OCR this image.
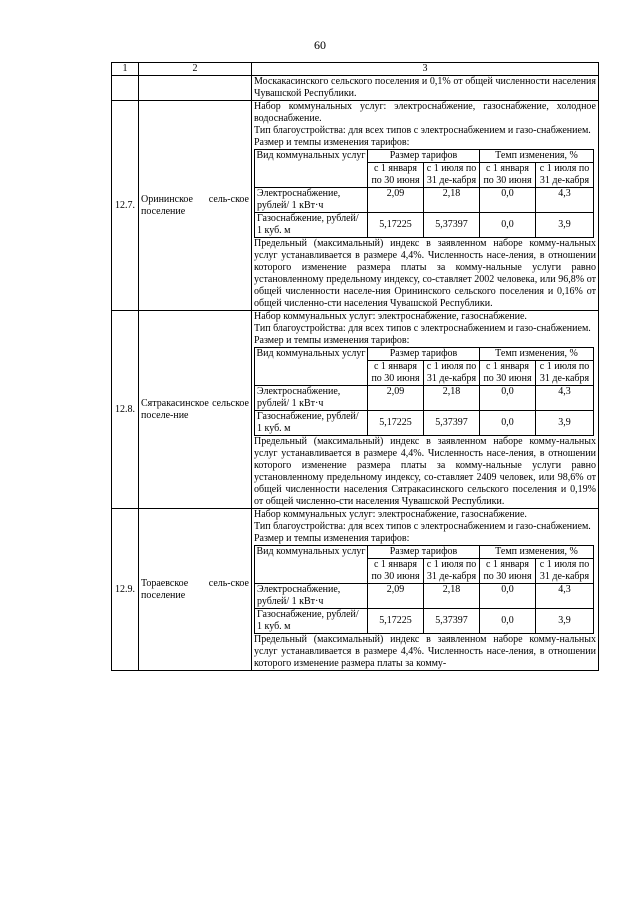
60
1	2	3
		Москакасинского сельского поселения и 0,1% от общей численности населения Чувашской Республики.
12.7.	Орининское сель-ское поселение	
Набор коммунальных услуг: электроснабжение, газоснабжение, холодное водоснабжение.
Тип благоустройства: для всех типов с электроснабжением и газо-снабжением.
Размер и темпы изменения тарифов:
Вид коммунальных услуг	Размер тарифов	Темп изменения, %
с 1 января по 30 июня	с 1 июля по 31 де-кабря	с 1 января по 30 июня	с 1 июля по 31 де-кабря
Электроснабжение, рублей/ 1 кВт·ч	2,09	2,18	0,0	4,3
Газоснабжение, рублей/ 1 куб. м	5,17225	5,37397	0,0	3,9
Предельный (максимальный) индекс в заявленном наборе комму-нальных услуг устанавливается в размере 4,4%. Численность насе-ления, в отношении которого изменение размера платы за комму-нальные услуги равно установленному предельному индексу, со-ставляет 2002 человека, или 96,8% от общей численности населе-ния Орининского сельского поселения и 0,16% от общей численно-сти населения Чувашской Республики.

12.8.	Сятракасинское сельское поселе-ние	
Набор коммунальных услуг: электроснабжение, газоснабжение.
Тип благоустройства: для всех типов с электроснабжением и газо-снабжением.
Размер и темпы изменения тарифов:
Вид коммунальных услуг	Размер тарифов	Темп изменения, %
с 1 января по 30 июня	с 1 июля по 31 де-кабря	с 1 января по 30 июня	с 1 июля по 31 де-кабря
Электроснабжение, рублей/ 1 кВт·ч	2,09	2,18	0,0	4,3
Газоснабжение, рублей/ 1 куб. м	5,17225	5,37397	0,0	3,9
Предельный (максимальный) индекс в заявленном наборе комму-нальных услуг устанавливается в размере 4,4%. Численность насе-ления, в отношении которого изменение размера платы за комму-нальные услуги равно установленному предельному индексу, со-ставляет 2409 человек, или 98,6% от общей численности населения Сятракасинского сельского поселения и 0,19% от общей численно-сти населения Чувашской Республики.

12.9.	Тораевское сель-ское поселение	
Набор коммунальных услуг: электроснабжение, газоснабжение.
Тип благоустройства: для всех типов с электроснабжением и газо-снабжением.
Размер и темпы изменения тарифов:
Вид коммунальных услуг	Размер тарифов	Темп изменения, %
с 1 января по 30 июня	с 1 июля по 31 де-кабря	с 1 января по 30 июня	с 1 июля по 31 де-кабря
Электроснабжение, рублей/ 1 кВт·ч	2,09	2,18	0,0	4,3
Газоснабжение, рублей/ 1 куб. м	5,17225	5,37397	0,0	3,9
Предельный (максимальный) индекс в заявленном наборе комму-нальных услуг устанавливается в размере 4,4%. Численность насе-ления, в отношении которого изменение размера платы за комму-
